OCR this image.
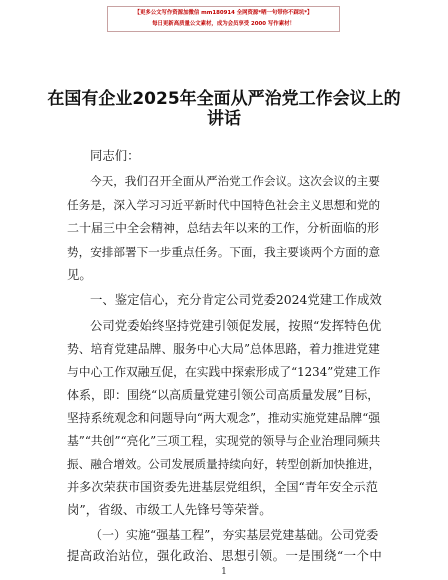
【更多公文写作资源加微信 mm180914 全网资源*晒一句带你不踩坑*】
每日更新高质量公文素材，成为会员享受 2000 写作素材！
在国有企业2025年全面从严治党工作会议上的
讲话
同志们：
今天，我们召开全面从严治党工作会议。这次会议的主要
任务是，深入学习习近平新时代中国特色社会主义思想和党的
二十届三中全会精神，总结去年以来的工作，分析面临的形
势，安排部署下一步重点任务。下面，我主要谈两个方面的意
见。
一、鉴定信心，充分肯定公司党委2024党建工作成效
公司党委始终坚持党建引领促发展，按照“发挥特色优
势、培育党建品牌、服务中心大局”总体思路，着力推进党建
与中心工作双融互促，在实践中探索形成了“1234”党建工作
体系，即：围绕“以高质量党建引领公司高质量发展”目标，
坚持系统观念和问题导向“两大观念”，推动实施党建品牌“强
基”“共创”“亮化”三项工程，实现党的领导与企业治理同频共
振、融合增效。公司发展质量持续向好，转型创新加快推进，
并多次荣获市国资委先进基层党组织，全国“青年安全示范
岗”，省级、市级工人先锋号等荣誉。
1
（一）实施“强基工程”，夯实基层党建基础。公司党委
提高政治站位，强化政治、思想引领。一是围绕“一个中
